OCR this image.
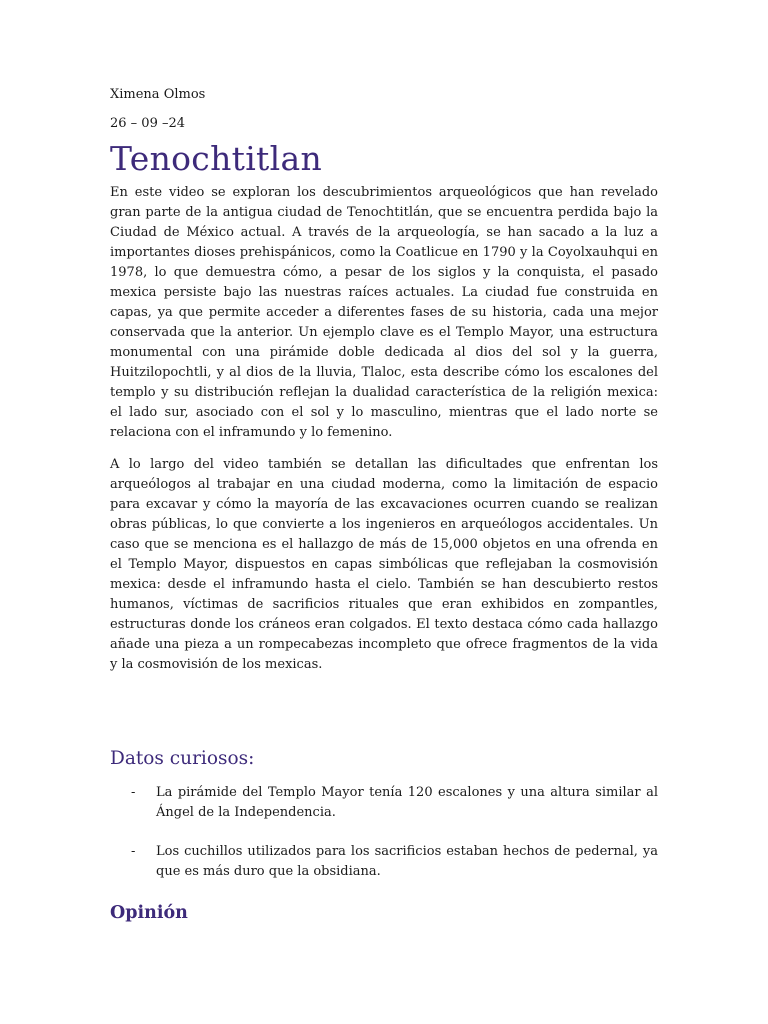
Ximena Olmos

26 – 09 –24

Tenochtitlan

En este video se exploran los descubrimientos arqueológicos que han revelado gran parte de la antigua ciudad de Tenochtitlán, que se encuentra perdida bajo la Ciudad de México actual. A través de la arqueología, se han sacado a la luz a importantes dioses prehispánicos, como la Coatlicue en 1790 y la Coyolxauhqui en 1978, lo que demuestra cómo, a pesar de los siglos y la conquista, el pasado mexica persiste bajo las nuestras raíces actuales. La ciudad fue construida en capas, ya que permite acceder a diferentes fases de su historia, cada una mejor conservada que la anterior. Un ejemplo clave es el Templo Mayor, una estructura monumental con una pirámide doble dedicada al dios del sol y la guerra, Huitzilopochtli, y al dios de la lluvia, Tlaloc, esta describe cómo los escalones del templo y su distribución reflejan la dualidad característica de la religión mexica: el lado sur, asociado con el sol y lo masculino, mientras que el lado norte se relaciona con el inframundo y lo femenino.

A lo largo del video también se detallan las dificultades que enfrentan los arqueólogos al trabajar en una ciudad moderna, como la limitación de espacio para excavar y cómo la mayoría de las excavaciones ocurren cuando se realizan obras públicas, lo que convierte a los ingenieros en arqueólogos accidentales. Un caso que se menciona es el hallazgo de más de 15,000 objetos en una ofrenda en el Templo Mayor, dispuestos en capas simbólicas que reflejaban la cosmovisión mexica: desde el inframundo hasta el cielo. También se han descubierto restos humanos, víctimas de sacrificios rituales que eran exhibidos en zompantles, estructuras donde los cráneos eran colgados. El texto destaca cómo cada hallazgo añade una pieza a un rompecabezas incompleto que ofrece fragmentos de la vida y la cosmovisión de los mexicas.

Datos curiosos:
- La pirámide del Templo Mayor tenía 120 escalones y una altura similar al Ángel de la Independencia.
- Los cuchillos utilizados para los sacrificios estaban hechos de pedernal, ya que es más duro que la obsidiana.
Opinión
